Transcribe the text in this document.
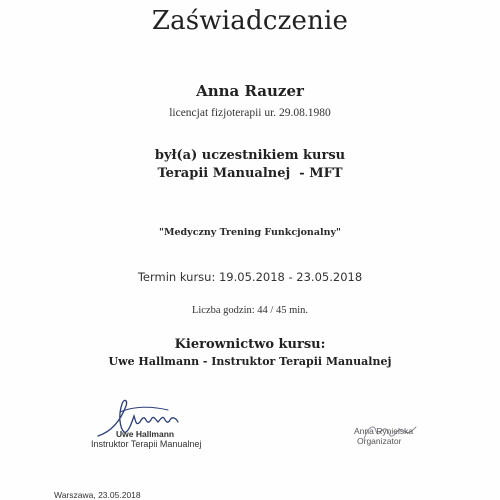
Zaświadczenie
Anna Rauzer
licencjat fizjoterapii ur. 29.08.1980
był(a) uczestnikiem kursu
Terapii Manualnej  - MFT
"Medyczny Trening Funkcjonalny"
Termin kursu: 19.05.2018 - 23.05.2018
Liczba godzin: 44 / 45 min.
Kierownictwo kursu:
Uwe Hallmann - Instruktor Terapii Manualnej
Uwe Hallmann
Instruktor Terapii Manualnej
Anna Rynielska
Organizator
Warszawa, 23.05.2018
